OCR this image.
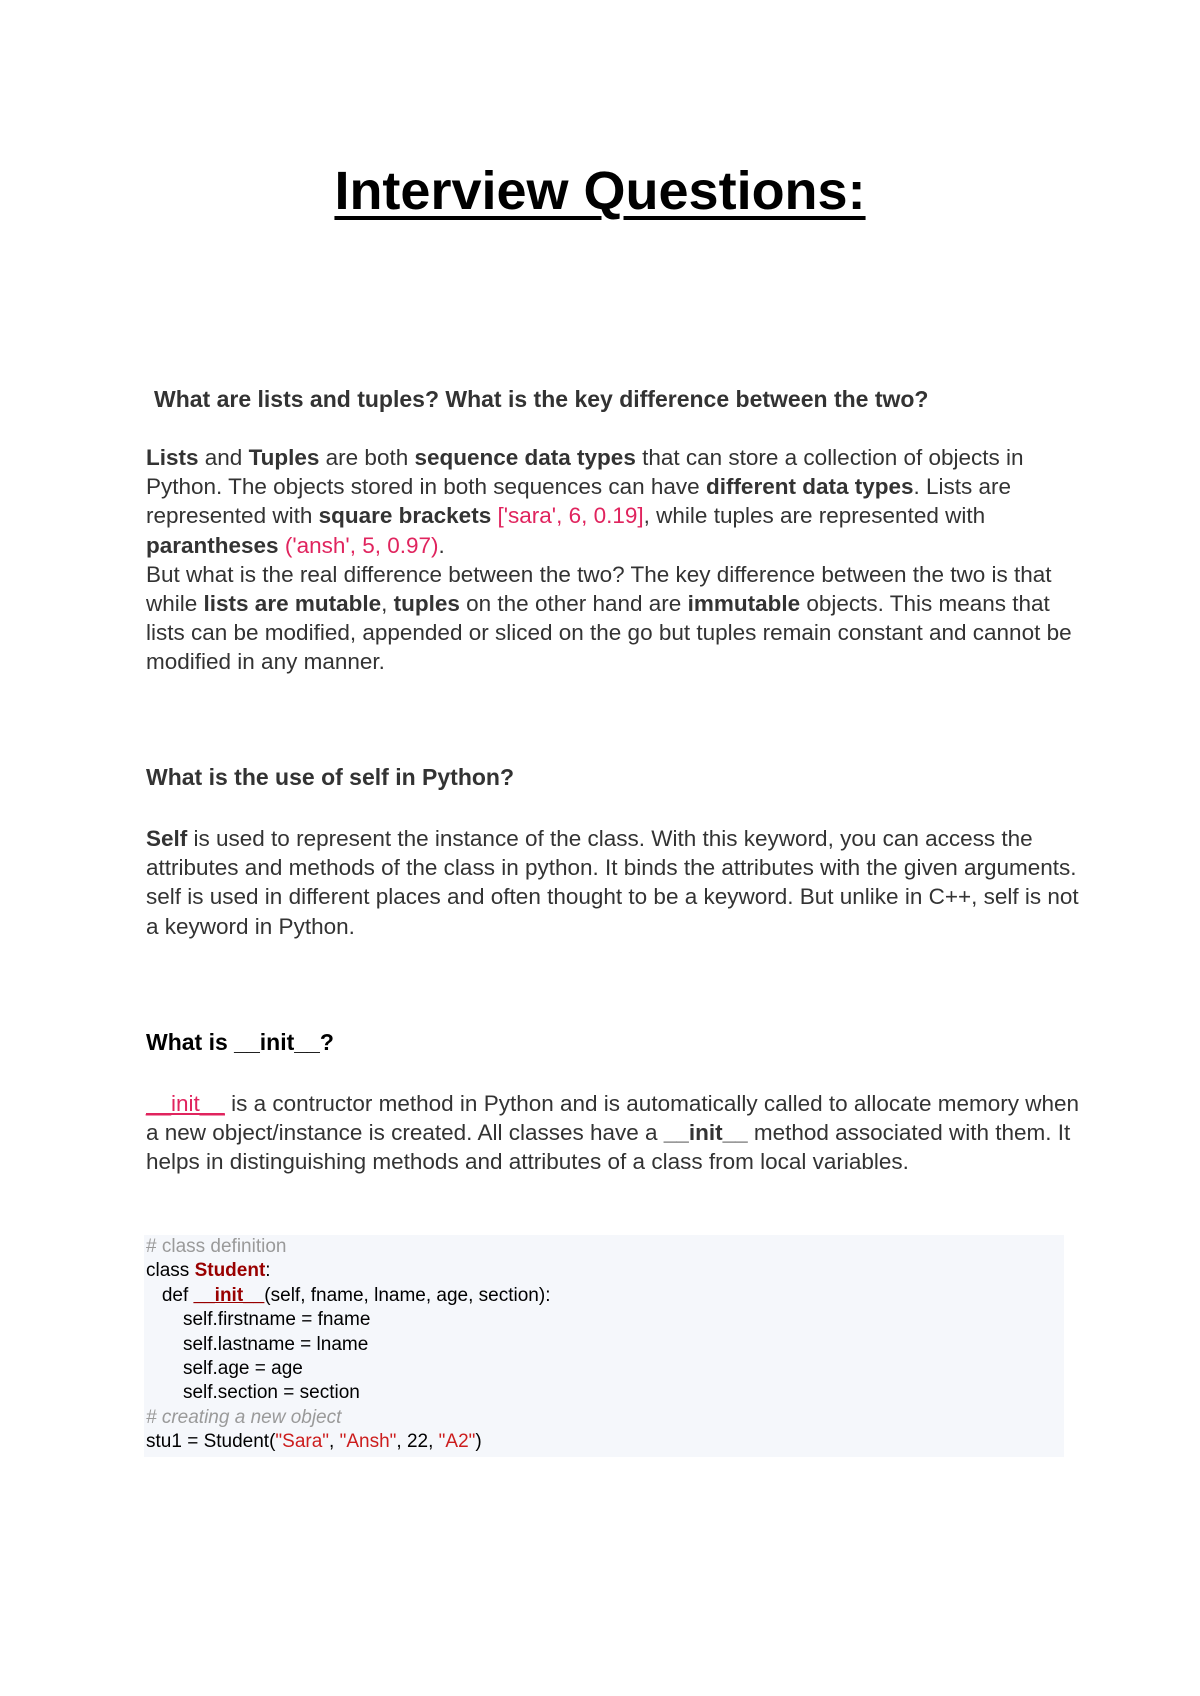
Interview Questions:

What are lists and tuples? What is the key difference between the two?

Lists and Tuples are both sequence data types that can store a collection of objects in Python. The objects stored in both sequences can have different data types. Lists are represented with square brackets ['sara', 6, 0.19], while tuples are represented with parantheses ('ansh', 5, 0.97).
But what is the real difference between the two? The key difference between the two is that while lists are mutable, tuples on the other hand are immutable objects. This means that lists can be modified, appended or sliced on the go but tuples remain constant and cannot be modified in any manner.

What is the use of self in Python?

Self is used to represent the instance of the class. With this keyword, you can access the attributes and methods of the class in python. It binds the attributes with the given arguments. self is used in different places and often thought to be a keyword. But unlike in C++, self is not a keyword in Python.

What is __init__?

__init__ is a contructor method in Python and is automatically called to allocate memory when a new object/instance is created. All classes have a __init__ method associated with them. It helps in distinguishing methods and attributes of a class from local variables.

# class definition
class Student:
def __init__(self, fname, lname, age, section):
self.firstname = fname
self.lastname = lname
self.age = age
self.section = section
# creating a new object
stu1 = Student("Sara", "Ansh", 22, "A2")
